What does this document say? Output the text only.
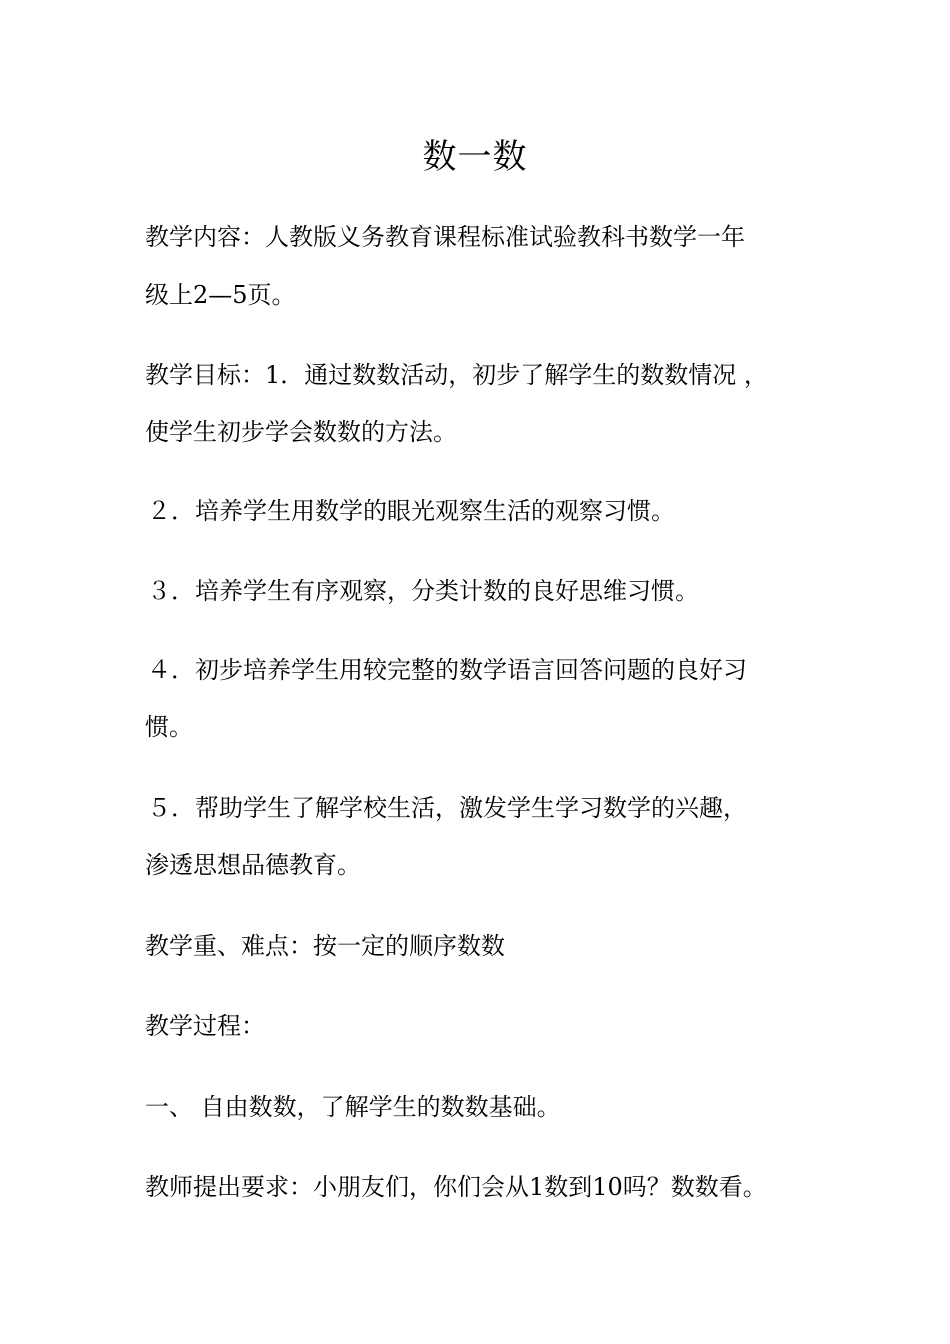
数一数
教学内容：人教版义务教育课程标准试验教科书数学一年
级上2—5页。
教学目标：1．通过数数活动，初步了解学生的数数情况 ，
使学生初步学会数数的方法。
２．培养学生用数学的眼光观察生活的观察习惯。
３．培养学生有序观察，分类计数的良好思维习惯。
４．初步培养学生用较完整的数学语言回答问题的良好习
惯。
５．帮助学生了解学校生活，激发学生学习数学的兴趣，
渗透思想品德教育。
教学重、难点：按一定的顺序数数
教学过程：
一、 自由数数，了解学生的数数基础。
教师提出要求：小朋友们，你们会从1数到10吗？数数看。
